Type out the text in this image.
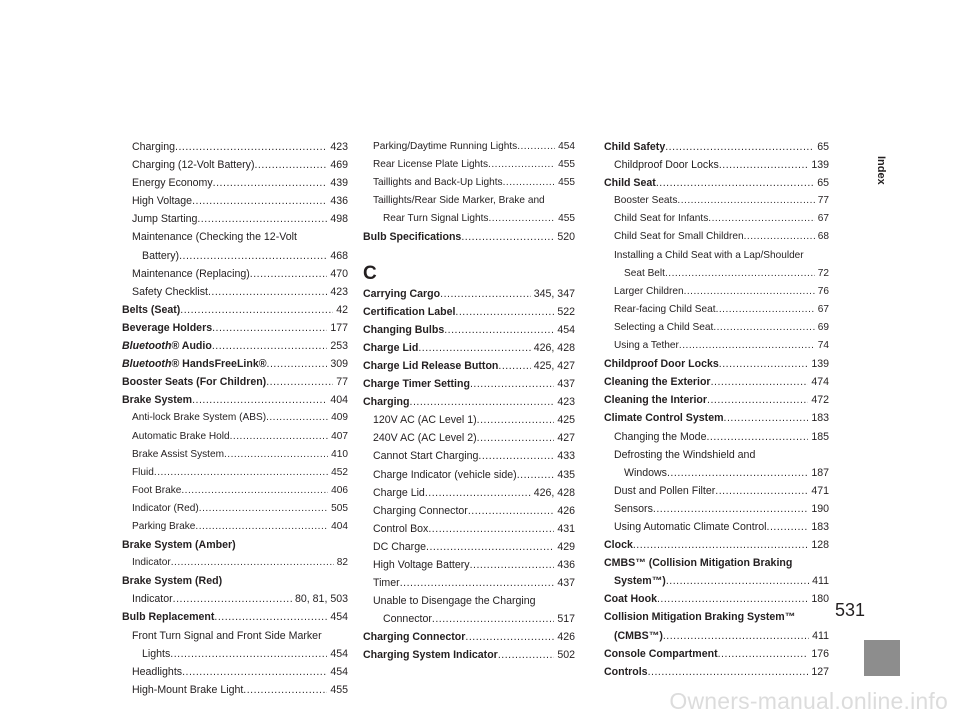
Charging .....	423
Charging (12-Volt Battery) .....	469
Energy Economy .....	439
High Voltage .....	436
Jump Starting .....	498
Maintenance (Checking the 12-Volt
Battery) .....	468
Maintenance (Replacing) .....	470
Safety Checklist .....	423
Belts (Seat) .....	42
Beverage Holders .....	177
Bluetooth® Audio .....	253
Bluetooth® HandsFreeLink® .....	309
Booster Seats (For Children) .....	77
Brake System .....	404
Anti-lock Brake System (ABS) .....	409
Automatic Brake Hold .....	407
Brake Assist System .....	410
Fluid .....	452
Foot Brake .....	406
Indicator (Red) .....	505
Parking Brake .....	404
Brake System (Amber)
Indicator .....	82
Brake System (Red)
Indicator .....	80, 81, 503
Bulb Replacement .....	454
Front Turn Signal and Front Side Marker
Lights .....	454
Headlights .....	454
High-Mount Brake Light .....	455
Parking/Daytime Running Lights .....	454
Rear License Plate Lights .....	455
Taillights and Back-Up Lights .....	455
Taillights/Rear Side Marker, Brake and
Rear Turn Signal Lights .....	455
Bulb Specifications .....	520
C
Carrying Cargo .....	345, 347
Certification Label .....	522
Changing Bulbs .....	454
Charge Lid .....	426, 428
Charge Lid Release Button .....	425, 427
Charge Timer Setting .....	437
Charging .....	423
120V AC (AC Level 1) .....	425
240V AC (AC Level 2) .....	427
Cannot Start Charging .....	433
Charge Indicator (vehicle side) .....	435
Charge Lid .....	426, 428
Charging Connector .....	426
Control Box .....	431
DC Charge .....	429
High Voltage Battery .....	436
Timer .....	437
Unable to Disengage the Charging
Connector .....	517
Charging Connector .....	426
Charging System Indicator .....	502
Child Safety .....	65
Childproof Door Locks .....	139
Child Seat .....	65
Booster Seats .....	77
Child Seat for Infants .....	67
Child Seat for Small Children .....	68
Installing a Child Seat with a Lap/Shoulder
Seat Belt .....	72
Larger Children .....	76
Rear-facing Child Seat .....	67
Selecting a Child Seat .....	69
Using a Tether .....	74
Childproof Door Locks .....	139
Cleaning the Exterior .....	474
Cleaning the Interior .....	472
Climate Control System .....	183
Changing the Mode .....	185
Defrosting the Windshield and
Windows .....	187
Dust and Pollen Filter .....	471
Sensors .....	190
Using Automatic Climate Control .....	183
Clock .....	128
CMBS™ (Collision Mitigation Braking
System™) .....	411
Coat Hook .....	180
Collision Mitigation Braking System™
(CMBS™) .....	411
Console Compartment .....	176
Controls .....	127
Index
531
Owners-manual.online.info
